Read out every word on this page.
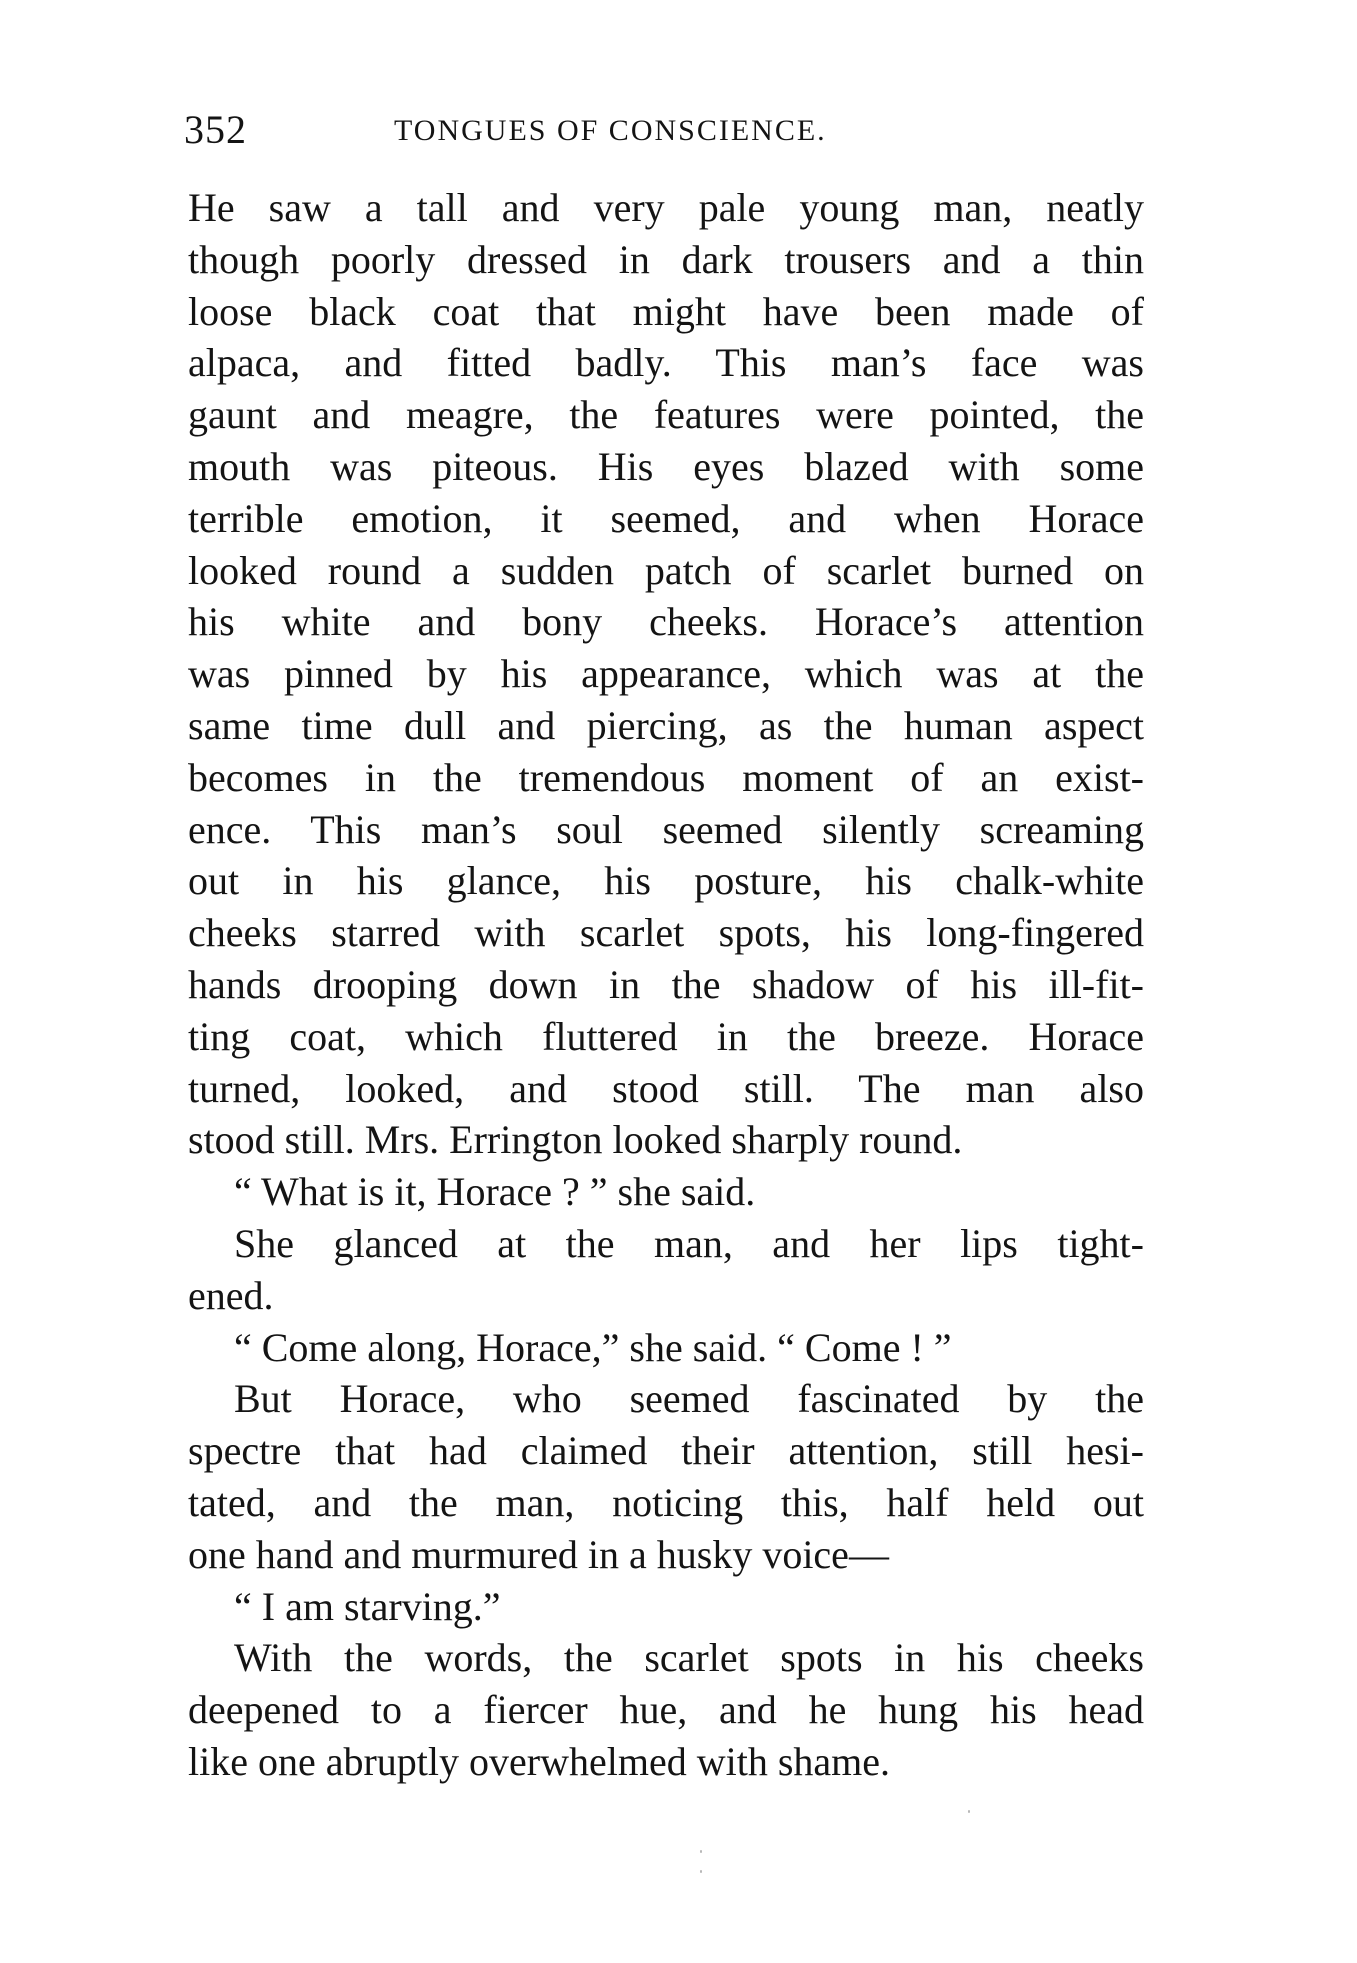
352	TONGUES OF CONSCIENCE.
He saw a tall and very pale young man, neatly
though poorly dressed in dark trousers and a thin
loose black coat that might have been made of
alpaca, and fitted badly. This man’s face was
gaunt and meagre, the features were pointed, the
mouth was piteous. His eyes blazed with some
terrible emotion, it seemed, and when Horace
looked round a sudden patch of scarlet burned on
his white and bony cheeks. Horace’s attention
was pinned by his appearance, which was at the
same time dull and piercing, as the human aspect
becomes in the tremendous moment of an exist-
ence. This man’s soul seemed silently screaming
out in his glance, his posture, his chalk-white
cheeks starred with scarlet spots, his long-fingered
hands drooping down in the shadow of his ill-fit-
ting coat, which fluttered in the breeze. Horace
turned, looked, and stood still. The man also
stood still. Mrs. Errington looked sharply round.
“ What is it, Horace ? ” she said.
She glanced at the man, and her lips tight-
ened.
“ Come along, Horace,” she said. “ Come ! ”
But Horace, who seemed fascinated by the
spectre that had claimed their attention, still hesi-
tated, and the man, noticing this, half held out
one hand and murmured in a husky voice—
“ I am starving.”
With the words, the scarlet spots in his cheeks
deepened to a fiercer hue, and he hung his head
like one abruptly overwhelmed with shame.
